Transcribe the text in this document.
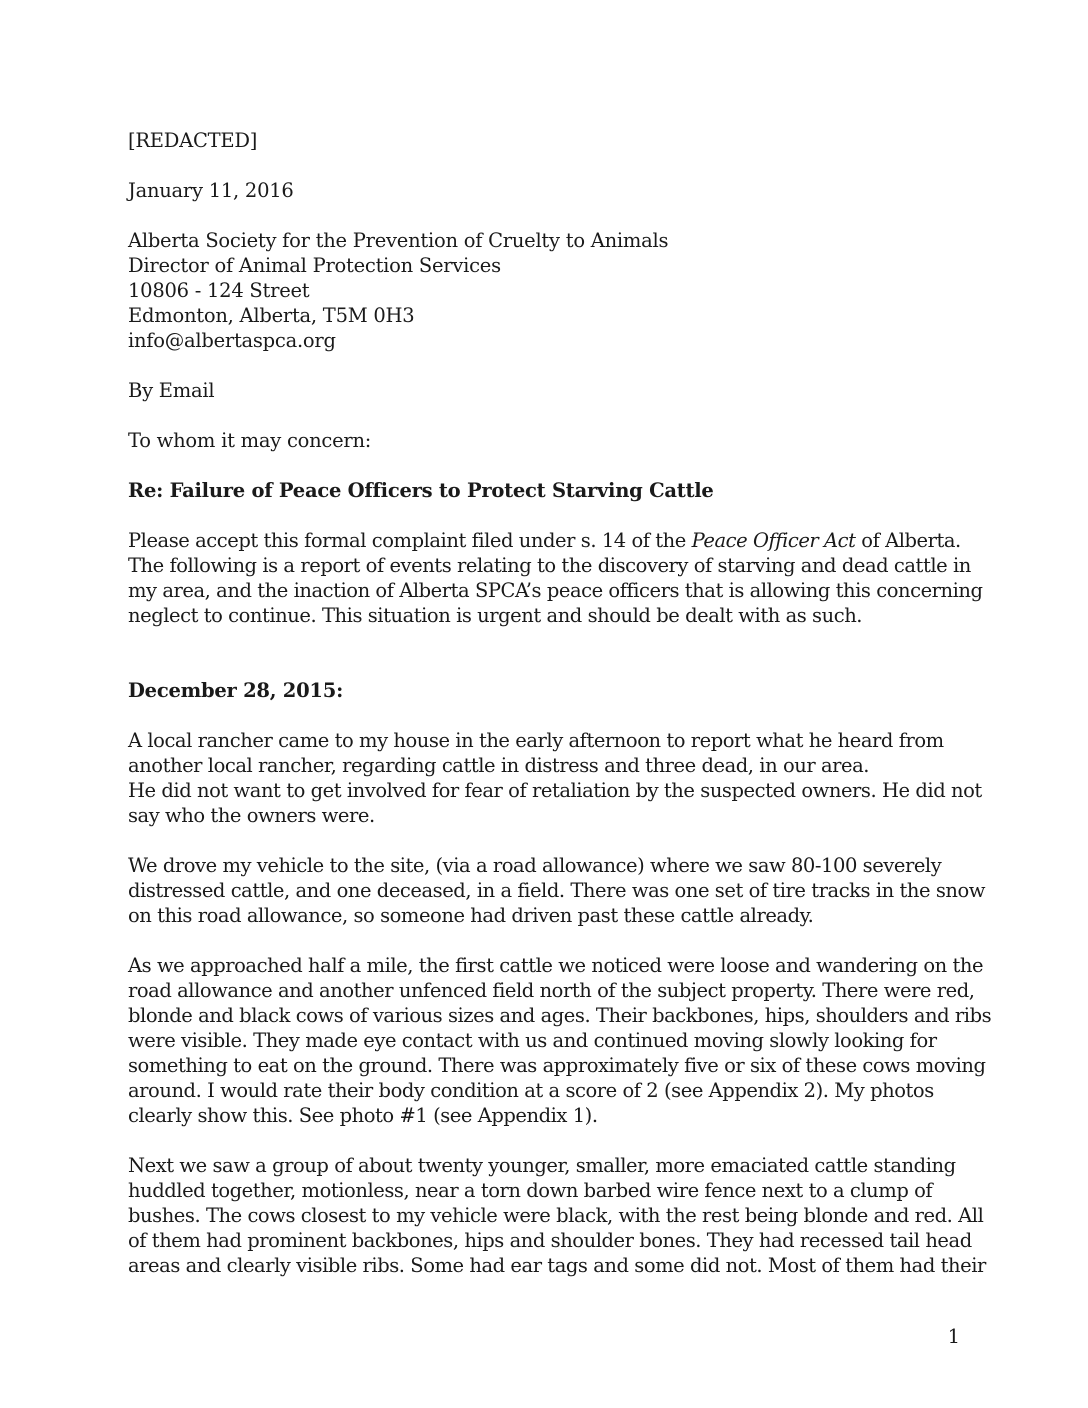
[REDACTED]
January 11, 2016
Alberta Society for the Prevention of Cruelty to Animals
Director of Animal Protection Services
10806 - 124 Street
Edmonton, Alberta, T5M 0H3
info@albertaspca.org
By Email
To whom it may concern:
Re: Failure of Peace Officers to Protect Starving Cattle
Please accept this formal complaint filed under s. 14 of the Peace Officer Act of Alberta.
The following is a report of events relating to the discovery of starving and dead cattle in
my area, and the inaction of Alberta SPCA’s peace officers that is allowing this concerning
neglect to continue. This situation is urgent and should be dealt with as such.
December 28, 2015:
A local rancher came to my house in the early afternoon to report what he heard from
another local rancher, regarding cattle in distress and three dead, in our area.
He did not want to get involved for fear of retaliation by the suspected owners. He did not
say who the owners were.
We drove my vehicle to the site, (via a road allowance) where we saw 80-100 severely
distressed cattle, and one deceased, in a field. There was one set of tire tracks in the snow
on this road allowance, so someone had driven past these cattle already.
As we approached half a mile, the first cattle we noticed were loose and wandering on the
road allowance and another unfenced field north of the subject property. There were red,
blonde and black cows of various sizes and ages. Their backbones, hips, shoulders and ribs
were visible. They made eye contact with us and continued moving slowly looking for
something to eat on the ground. There was approximately five or six of these cows moving
around. I would rate their body condition at a score of 2 (see Appendix 2). My photos
clearly show this. See photo #1 (see Appendix 1).
Next we saw a group of about twenty younger, smaller, more emaciated cattle standing
huddled together, motionless, near a torn down barbed wire fence next to a clump of
bushes. The cows closest to my vehicle were black, with the rest being blonde and red. All
of them had prominent backbones, hips and shoulder bones. They had recessed tail head
areas and clearly visible ribs. Some had ear tags and some did not. Most of them had their
1
